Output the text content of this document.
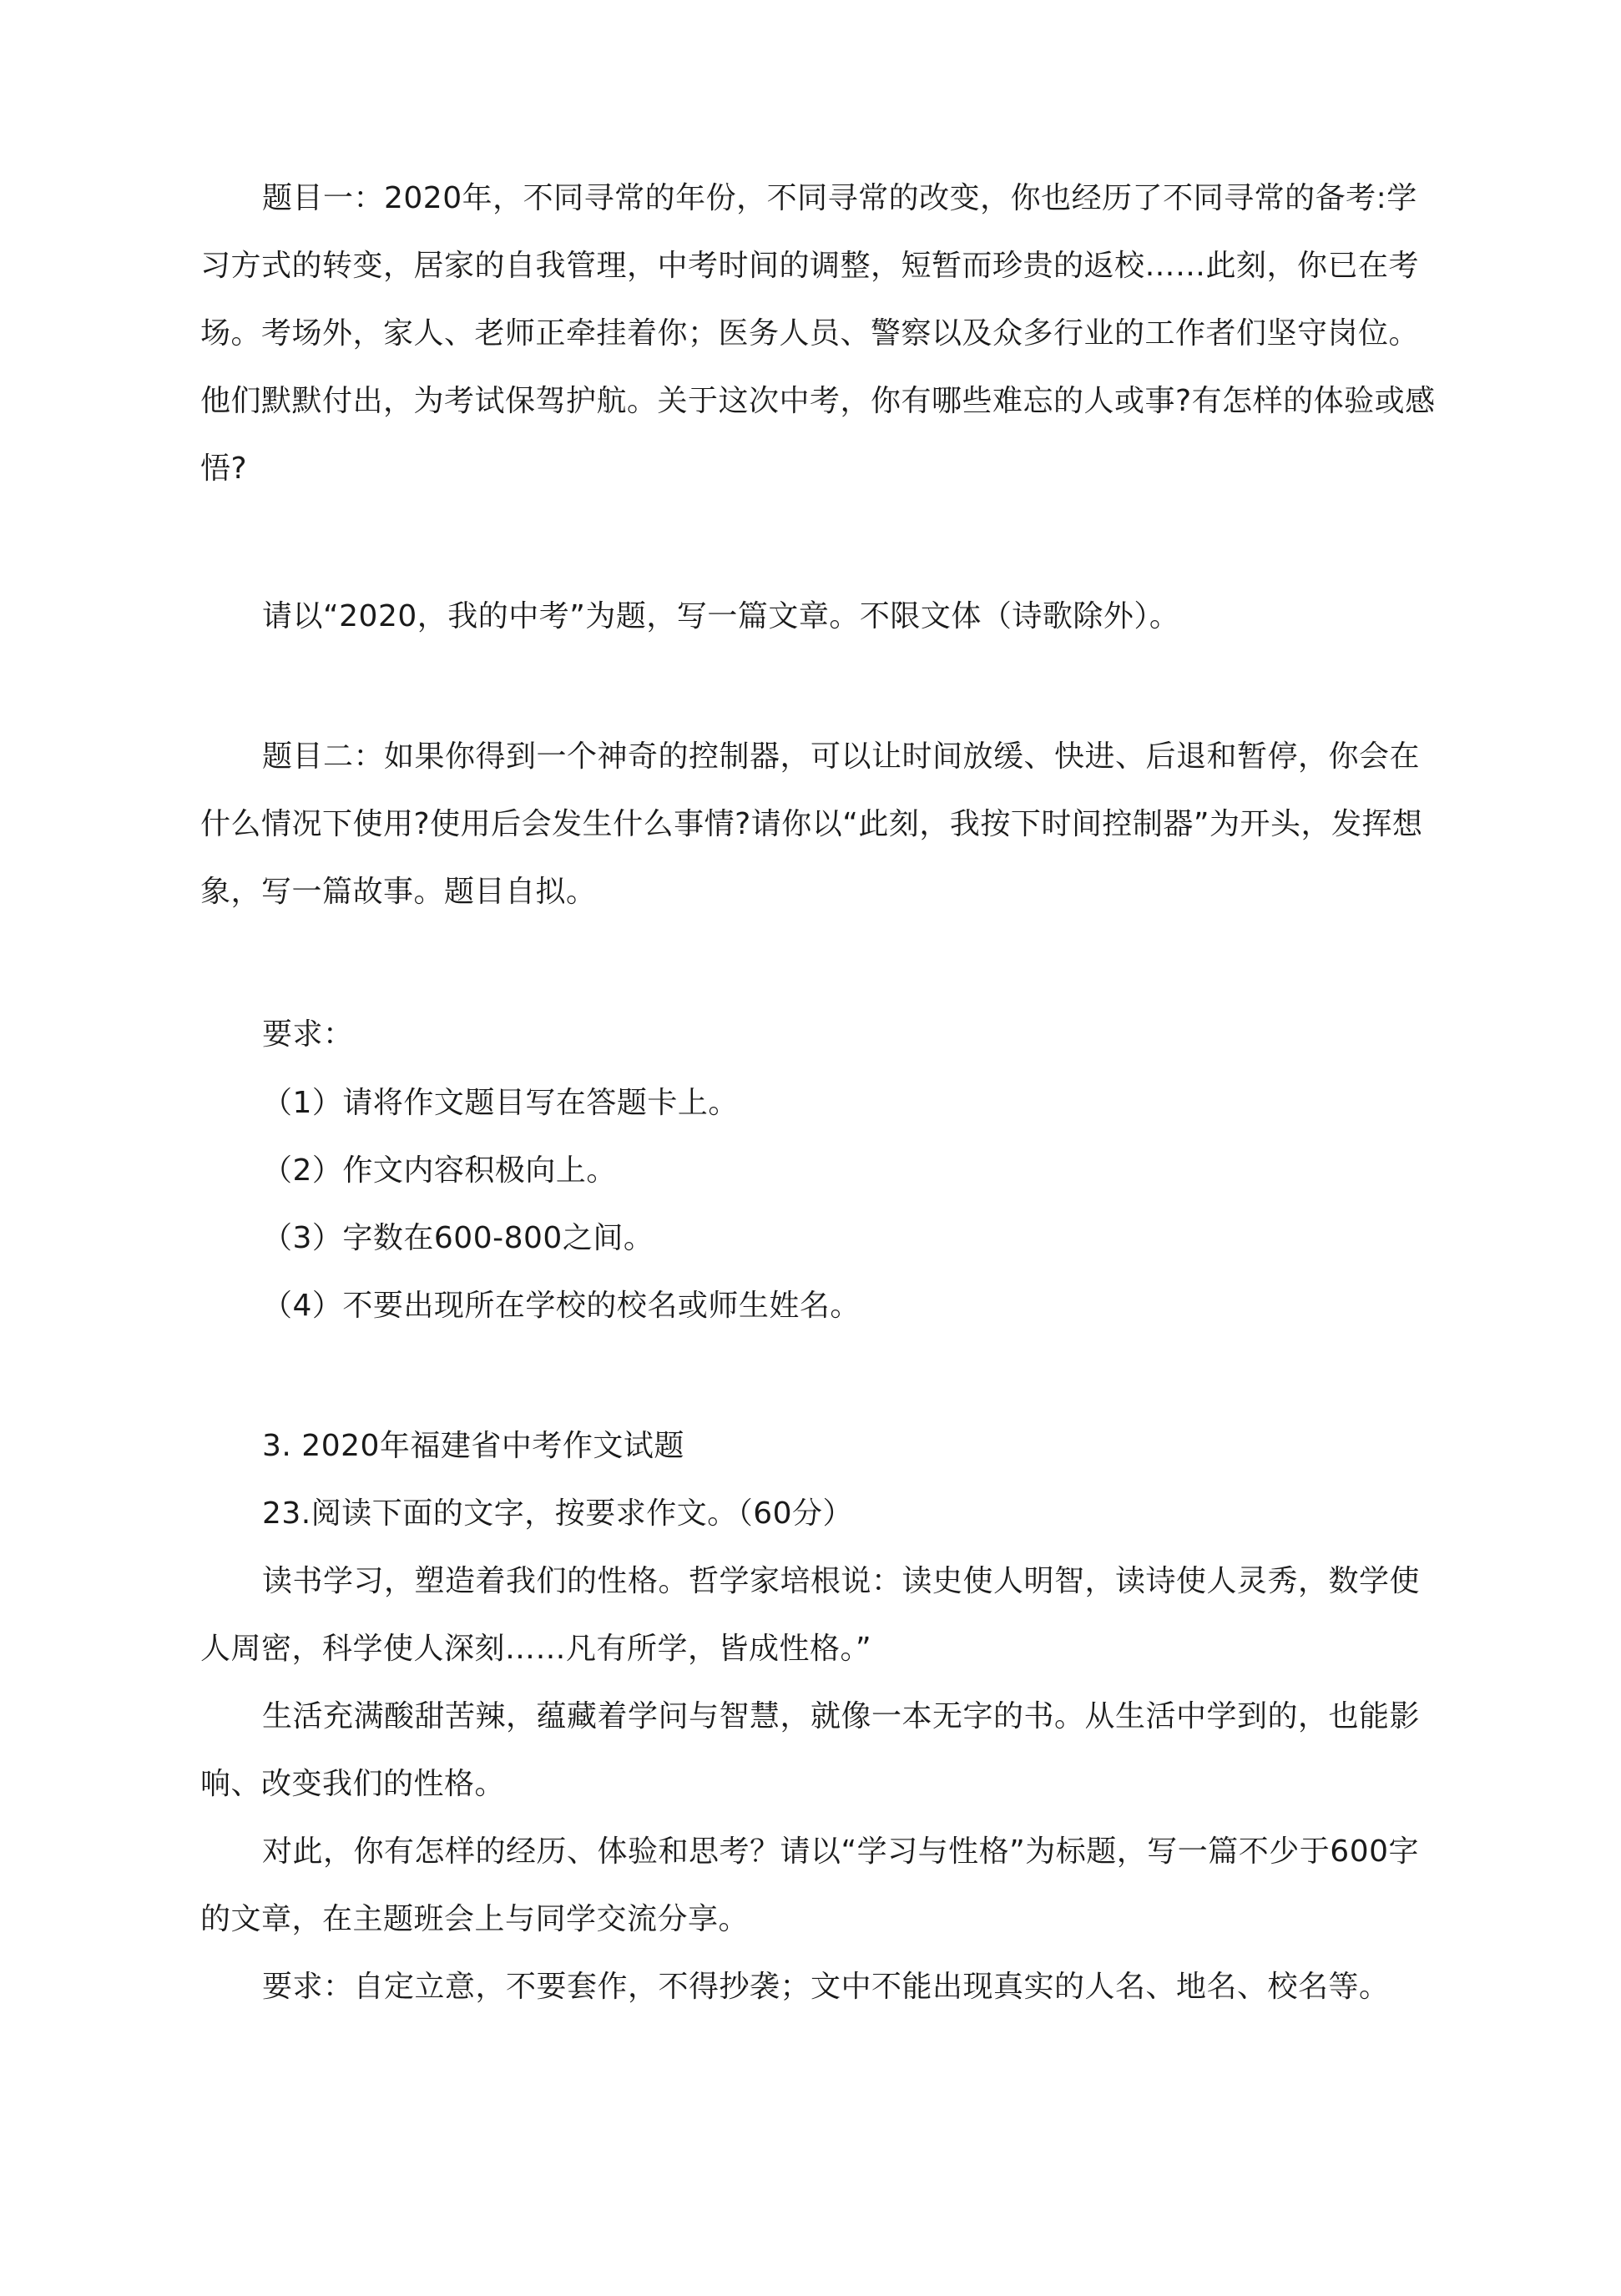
题目一：2020年，不同寻常的年份，不同寻常的改变，你也经历了不同寻常的备考:学习方式的转变，居家的自我管理，中考时间的调整，短暂而珍贵的返校……此刻，你已在考场。考场外，家人、老师正牵挂着你；医务人员、警察以及众多行业的工作者们坚守岗位。他们默默付出，为考试保驾护航。关于这次中考，你有哪些难忘的人或事?有怎样的体验或感悟?

请以“2020，我的中考”为题，写一篇文章。不限文体（诗歌除外）。

题目二：如果你得到一个神奇的控制器，可以让时间放缓、快进、后退和暂停，你会在什么情况下使用?使用后会发生什么事情?请你以“此刻，我按下时间控制器”为开头，发挥想象，写一篇故事。题目自拟。

要求：

（1）请将作文题目写在答题卡上。

（2）作文内容积极向上。

（3）字数在600-800之间。

（4）不要出现所在学校的校名或师生姓名。

3. 2020年福建省中考作文试题

23.阅读下面的文字，按要求作文。（60分）

读书学习，塑造着我们的性格。哲学家培根说：读史使人明智，读诗使人灵秀，数学使人周密，科学使人深刻……凡有所学，皆成性格。”

生活充满酸甜苦辣，蕴藏着学问与智慧，就像一本无字的书。从生活中学到的，也能影响、改变我们的性格。

对此，你有怎样的经历、体验和思考？请以“学习与性格”为标题，写一篇不少于600字的文章，在主题班会上与同学交流分享。

要求：自定立意，不要套作，不得抄袭；文中不能出现真实的人名、地名、校名等。
